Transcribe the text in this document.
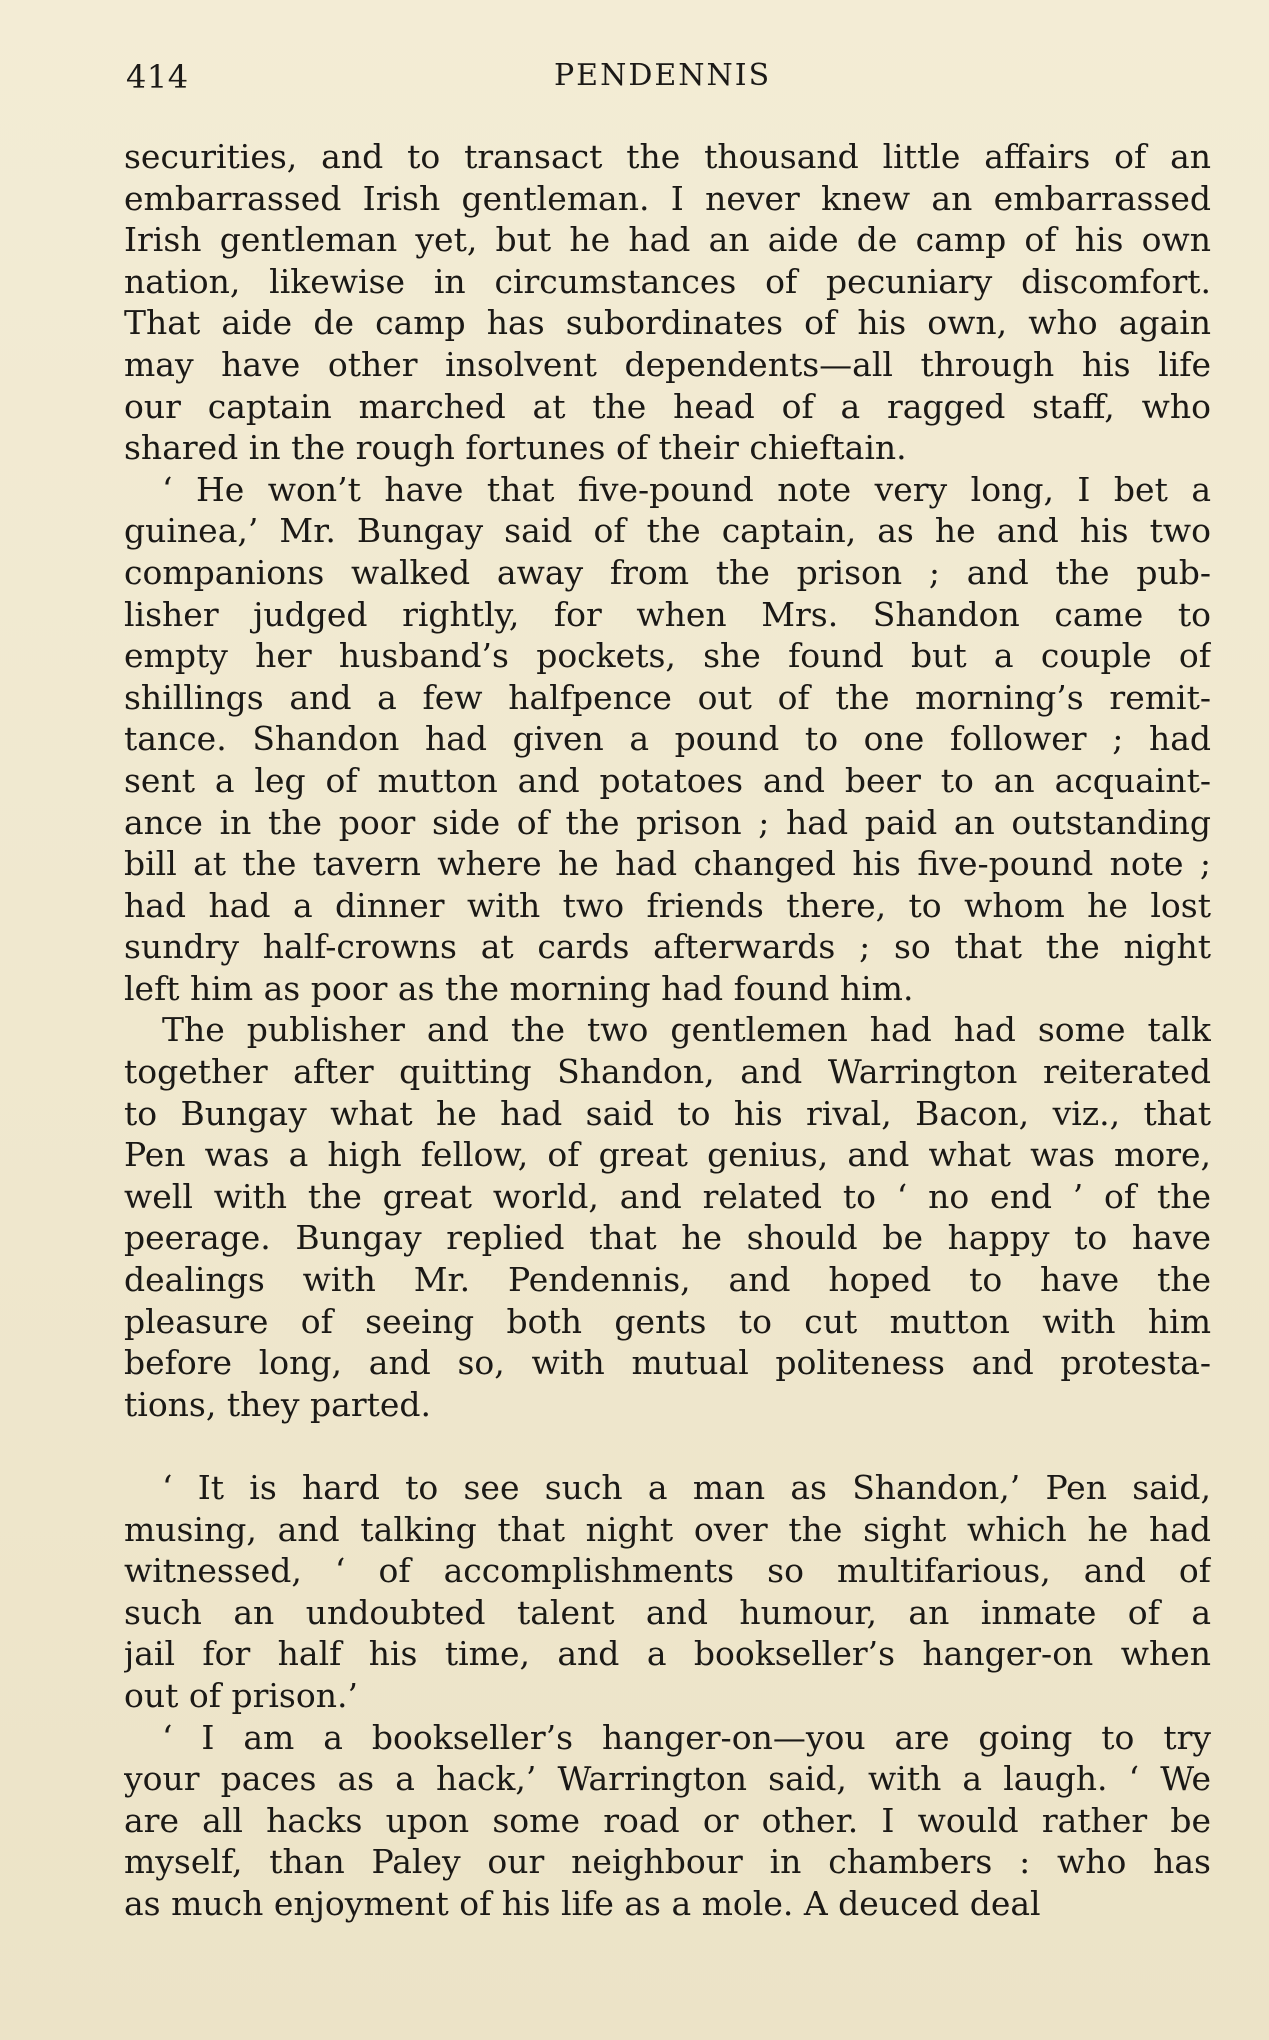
414	PENDENNIS

securities, and to transact the thousand little affairs of an
embarrassed Irish gentleman. I never knew an embarrassed
Irish gentleman yet, but he had an aide de camp of his own
nation, likewise in circumstances of pecuniary discomfort.
That aide de camp has subordinates of his own, who again
may have other insolvent dependents—all through his life
our captain marched at the head of a ragged staff, who
shared in the rough fortunes of their chieftain.

‘ He won’t have that five-pound note very long, I bet a
guinea,’ Mr. Bungay said of the captain, as he and his two
companions walked away from the prison ; and the pub-
lisher judged rightly, for when Mrs. Shandon came to
empty her husband’s pockets, she found but a couple of
shillings and a few halfpence out of the morning’s remit-
tance. Shandon had given a pound to one follower ; had
sent a leg of mutton and potatoes and beer to an acquaint-
ance in the poor side of the prison ; had paid an outstanding
bill at the tavern where he had changed his five-pound note ;
had had a dinner with two friends there, to whom he lost
sundry half-crowns at cards afterwards ; so that the night
left him as poor as the morning had found him.

The publisher and the two gentlemen had had some talk
together after quitting Shandon, and Warrington reiterated
to Bungay what he had said to his rival, Bacon, viz., that
Pen was a high fellow, of great genius, and what was more,
well with the great world, and related to ‘ no end ’ of the
peerage. Bungay replied that he should be happy to have
dealings with Mr. Pendennis, and hoped to have the
pleasure of seeing both gents to cut mutton with him
before long, and so, with mutual politeness and protesta-
tions, they parted.

‘ It is hard to see such a man as Shandon,’ Pen said,
musing, and talking that night over the sight which he had
witnessed, ‘ of accomplishments so multifarious, and of
such an undoubted talent and humour, an inmate of a
jail for half his time, and a bookseller’s hanger-on when
out of prison.’

‘ I am a bookseller’s hanger-on—you are going to try
your paces as a hack,’ Warrington said, with a laugh. ‘ We
are all hacks upon some road or other. I would rather be
myself, than Paley our neighbour in chambers : who has
as much enjoyment of his life as a mole. A deuced deal
